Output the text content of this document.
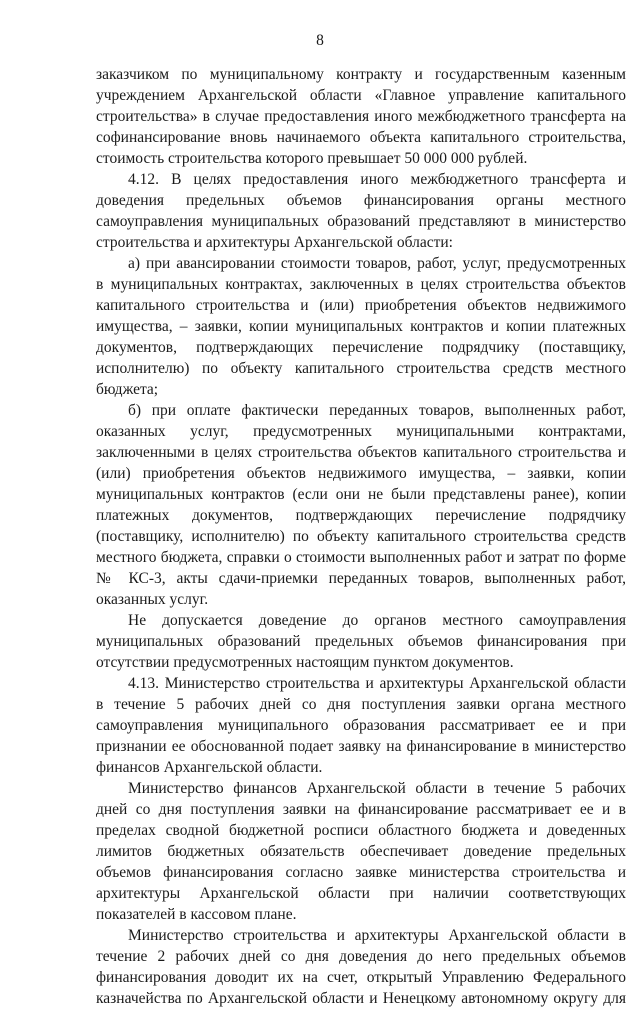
8
заказчиком по муниципальному контракту и государственным казенным
учреждением Архангельской области «Главное управление капитального
строительства» в случае предоставления иного межбюджетного трансферта на
софинансирование вновь начинаемого объекта капитального строительства,
стоимость строительства которого превышает 50 000 000 рублей.
4.12. В целях предоставления иного межбюджетного трансферта и
доведения предельных объемов финансирования органы местного
самоуправления муниципальных образований представляют в министерство
строительства и архитектуры Архангельской области:
а) при авансировании стоимости товаров, работ, услуг, предусмотренных
в муниципальных контрактах, заключенных в целях строительства объектов
капитального строительства и (или) приобретения объектов недвижимого
имущества, – заявки, копии муниципальных контрактов и копии платежных
документов, подтверждающих перечисление подрядчику (поставщику,
исполнителю) по объекту капитального строительства средств местного
бюджета;
б) при оплате фактически переданных товаров, выполненных работ,
оказанных услуг, предусмотренных муниципальными контрактами,
заключенными в целях строительства объектов капитального строительства и
(или) приобретения объектов недвижимого имущества, – заявки, копии
муниципальных контрактов (если они не были представлены ранее), копии
платежных документов, подтверждающих перечисление подрядчику
(поставщику, исполнителю) по объекту капитального строительства средств
местного бюджета, справки о стоимости выполненных работ и затрат по форме
№ КС-3, акты сдачи-приемки переданных товаров, выполненных работ,
оказанных услуг.
Не допускается доведение до органов местного самоуправления
муниципальных образований предельных объемов финансирования при
отсутствии предусмотренных настоящим пунктом документов.
4.13. Министерство строительства и архитектуры Архангельской области
в течение 5 рабочих дней со дня поступления заявки органа местного
самоуправления муниципального образования рассматривает ее и при
признании ее обоснованной подает заявку на финансирование в министерство
финансов Архангельской области.
Министерство финансов Архангельской области в течение 5 рабочих
дней со дня поступления заявки на финансирование рассматривает ее и в
пределах сводной бюджетной росписи областного бюджета и доведенных
лимитов бюджетных обязательств обеспечивает доведение предельных
объемов финансирования согласно заявке министерства строительства и
архитектуры Архангельской области при наличии соответствующих
показателей в кассовом плане.
Министерство строительства и архитектуры Архангельской области в
течение 2 рабочих дней со дня доведения до него предельных объемов
финансирования доводит их на счет, открытый Управлению Федерального
казначейства по Архангельской области и Ненецкому автономному округу для
